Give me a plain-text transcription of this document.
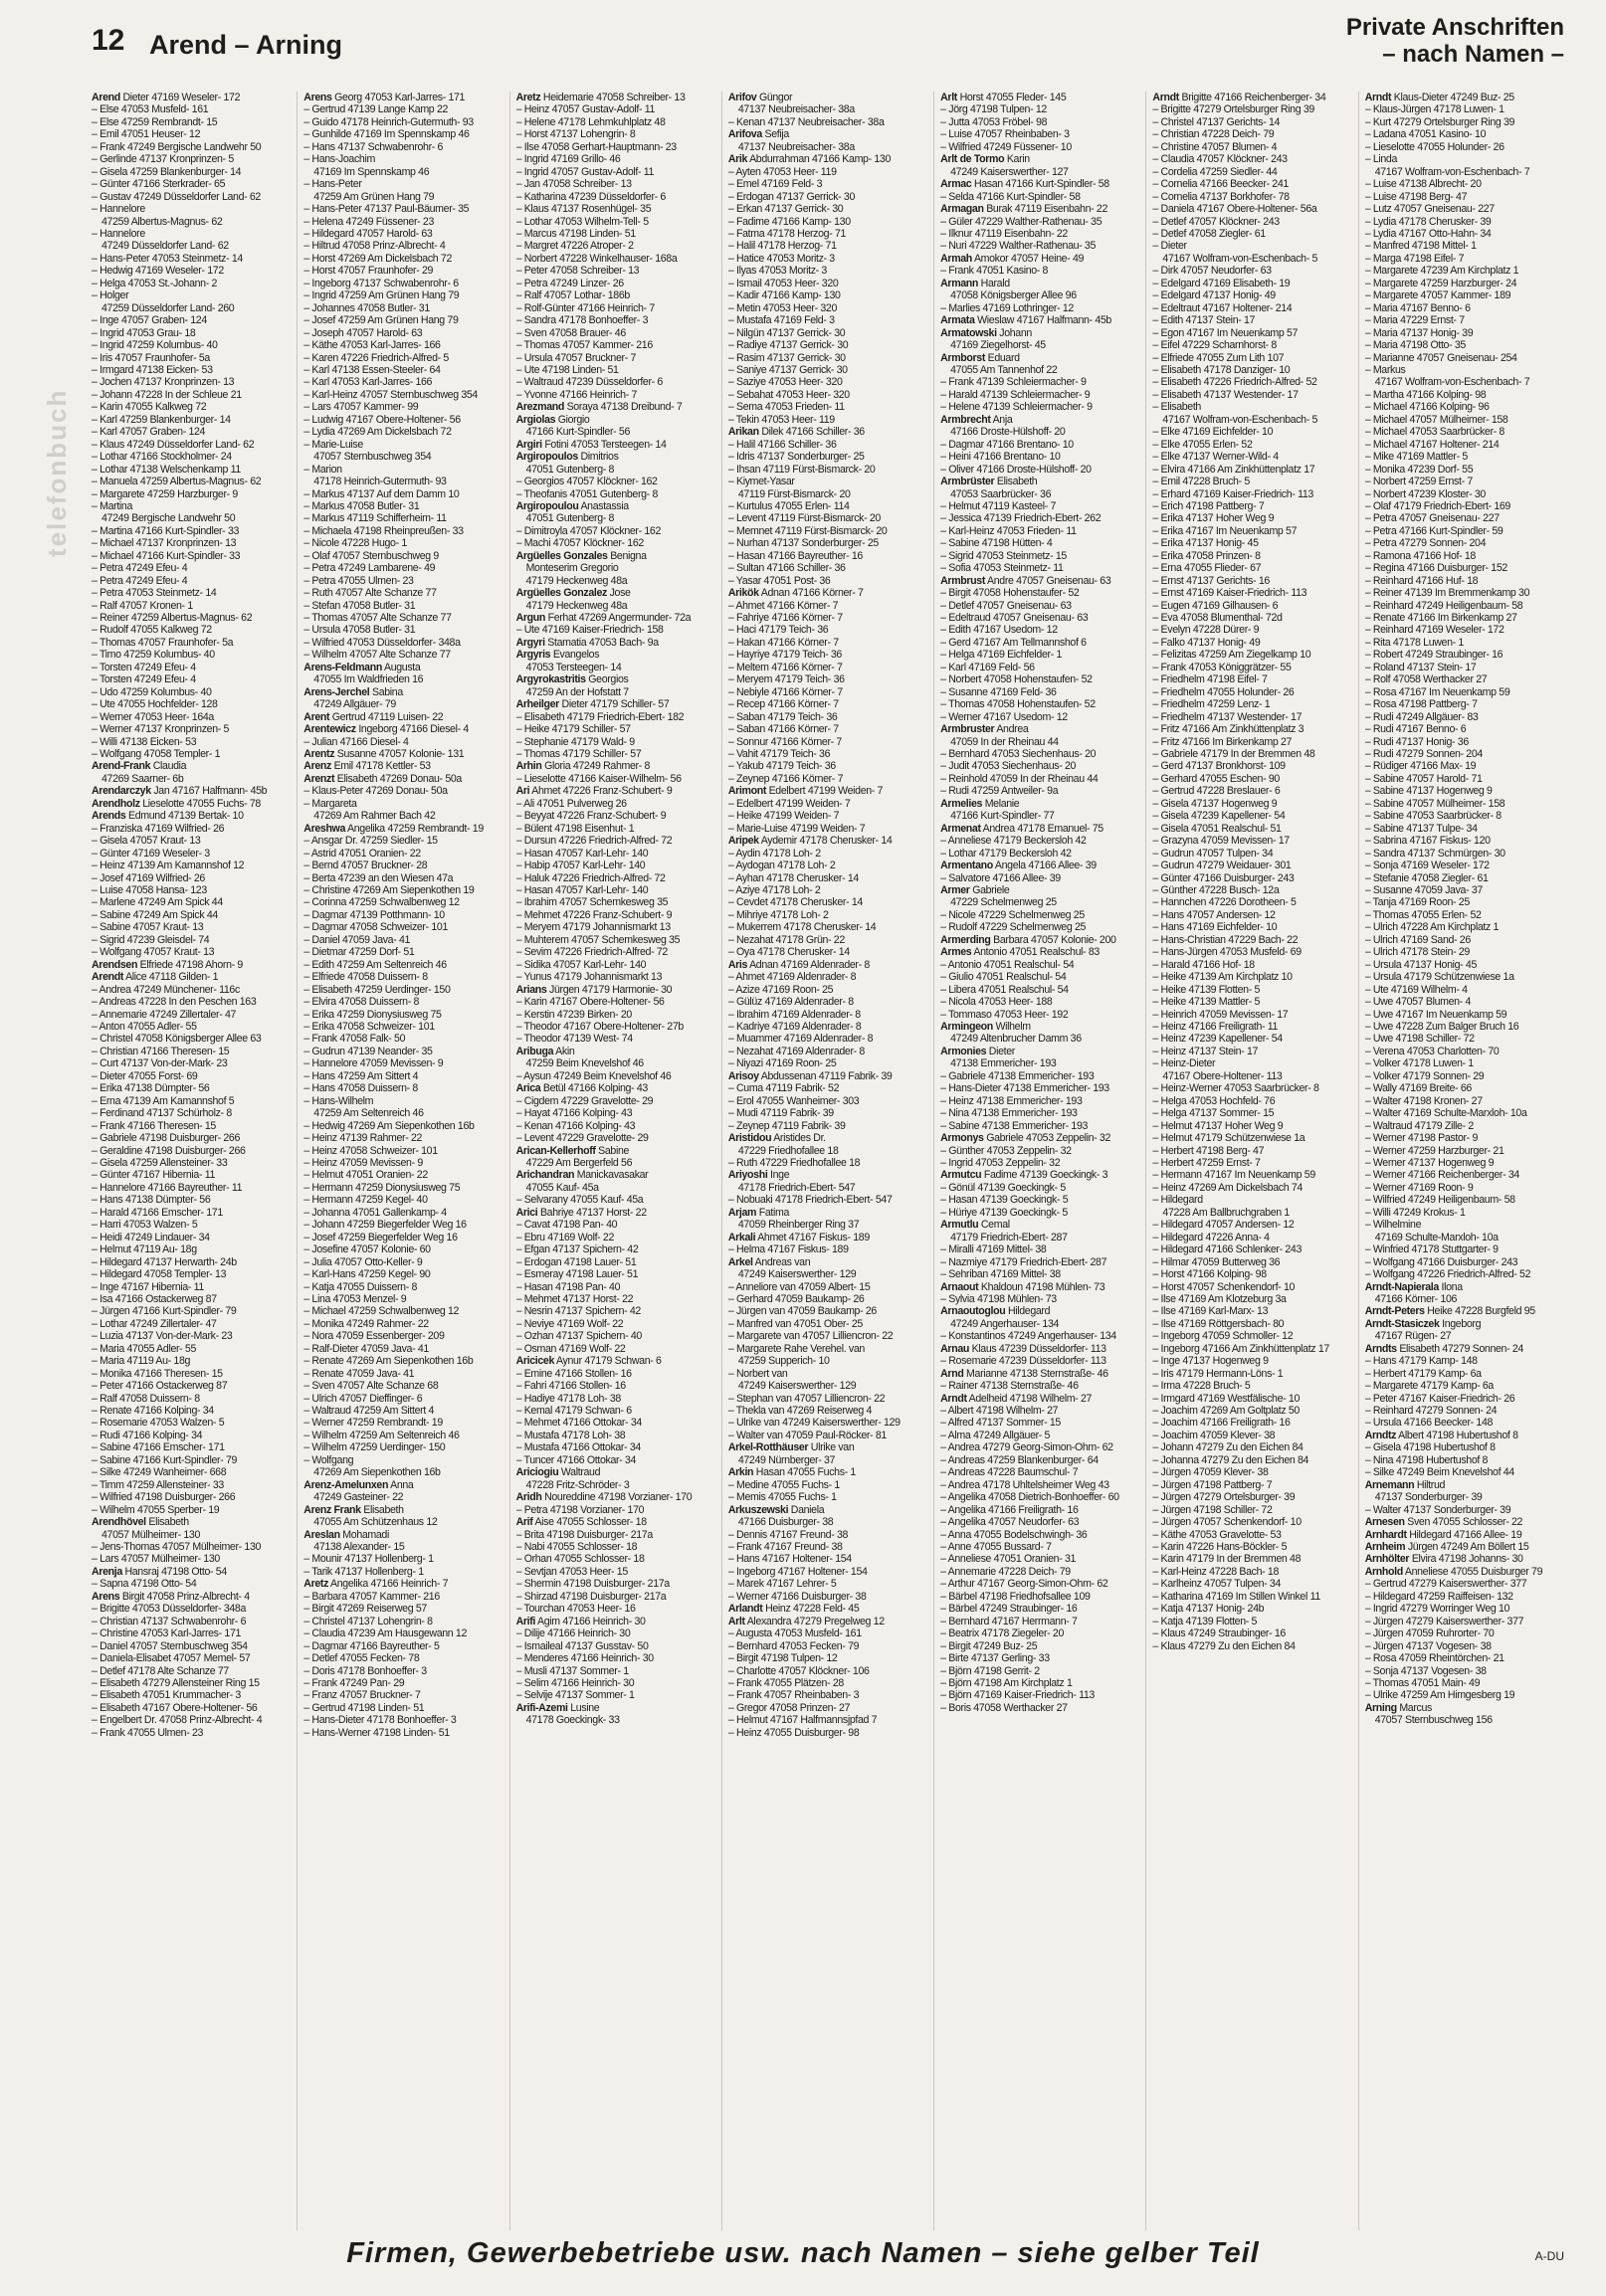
12 Arend – Arning
Private Anschriften
– nach Namen –
telefonbuch
Arend Dieter 47169 Weseler- 172
– Else 47053 Musfeld- 161
– Else 47259 Rembrandt- 15
– Emil 47051 Heuser- 12
– Frank 47249 Bergische Landwehr 50
– Gerlinde 47137 Kronprinzen- 5
– Gisela 47259 Blankenburger- 14
– Günter 47166 Sterkrader- 65
– Gustav 47249 Düsseldorfer Land- 62
– Hannelore
47259 Albertus-Magnus- 62
– Hannelore
47249 Düsseldorfer Land- 62
– Hans-Peter 47053 Steinmetz- 14
– Hedwig 47169 Weseler- 172
– Helga 47053 St.-Johann- 2
– Holger
47259 Düsseldorfer Land- 260
– Inge 47057 Graben- 124
– Ingrid 47053 Grau- 18
– Ingrid 47259 Kolumbus- 40
– Iris 47057 Fraunhofer- 5a
– Irmgard 47138 Eicken- 53
– Jochen 47137 Kronprinzen- 13
– Johann 47228 In der Schleue 21
– Karin 47055 Kalkweg 72
– Karl 47259 Blankenburger- 14
– Karl 47057 Graben- 124
– Klaus 47249 Düsseldorfer Land- 62
– Lothar 47166 Stockholmer- 24
– Lothar 47138 Welschenkamp 11
– Manuela 47259 Albertus-Magnus- 62
– Margarete 47259 Harzburger- 9
– Martina
47249 Bergische Landwehr 50
– Martina 47166 Kurt-Spindler- 33
– Michael 47137 Kronprinzen- 13
– Michael 47166 Kurt-Spindler- 33
– Petra 47249 Efeu- 4
– Petra 47249 Efeu- 4
– Petra 47053 Steinmetz- 14
– Ralf 47057 Kronen- 1
– Reiner 47259 Albertus-Magnus- 62
– Rudolf 47055 Kalkweg 72
– Thomas 47057 Fraunhofer- 5a
– Timo 47259 Kolumbus- 40
– Torsten 47249 Efeu- 4
– Torsten 47249 Efeu- 4
– Udo 47259 Kolumbus- 40
– Ute 47055 Hochfelder- 128
– Werner 47053 Heer- 164a
– Werner 47137 Kronprinzen- 5
– Willi 47138 Eicken- 53
– Wolfgang 47058 Templer- 1
Arend-Frank Claudia
47269 Saarner- 6b
Arendarczyk Jan 47167 Halfmann- 45b
Arendholz Lieselotte 47055 Fuchs- 78
Arends Edmund 47139 Bertak- 10
– Franziska 47169 Wilfried- 26
– Gisela 47057 Kraut- 13
– Günter 47169 Weseler- 3
– Heinz 47139 Am Kamannshof 12
– Josef 47169 Wilfried- 26
– Luise 47058 Hansa- 123
– Marlene 47249 Am Spick 44
– Sabine 47249 Am Spick 44
– Sabine 47057 Kraut- 13
– Sigrid 47239 Gleisdel- 74
– Wolfgang 47057 Kraut- 13
Arendsen Elfriede 47198 Ahorn- 9
Arendt Alice 47118 Gilden- 1
– Andrea 47249 Münchener- 116c
– Andreas 47228 In den Peschen 163
– Annemarie 47249 Zillertaler- 47
– Anton 47055 Adler- 55
– Christel 47058 Königsberger Allee 63
– Christian 47166 Theresen- 15
– Curt 47137 Von-der-Mark- 23
– Dieter 47055 Forst- 69
– Erika 47138 Dümpter- 56
– Erna 47139 Am Kamannshof 5
– Ferdinand 47137 Schürholz- 8
– Frank 47166 Theresen- 15
– Gabriele 47198 Duisburger- 266
– Geraldine 47198 Duisburger- 266
– Gisela 47259 Allensteiner- 33
– Günter 47167 Hibernia- 11
– Hannelore 47166 Bayreuther- 11
– Hans 47138 Dümpter- 56
– Harald 47166 Emscher- 171
– Harri 47053 Walzen- 5
– Heidi 47249 Lindauer- 34
– Helmut 47119 Au- 18g
– Hildegard 47137 Herwarth- 24b
– Hildegard 47058 Templer- 13
– Inge 47167 Hibernia- 11
– Isa 47166 Ostackerweg 87
– Jürgen 47166 Kurt-Spindler- 79
– Lothar 47249 Zillertaler- 47
– Luzia 47137 Von-der-Mark- 23
– Maria 47055 Adler- 55
– Maria 47119 Au- 18g
– Monika 47166 Theresen- 15
– Peter 47166 Ostackerweg 87
– Ralf 47058 Duissern- 8
– Renate 47166 Kolping- 34
– Rosemarie 47053 Walzen- 5
– Rudi 47166 Kolping- 34
– Sabine 47166 Emscher- 171
– Sabine 47166 Kurt-Spindler- 79
– Silke 47249 Wanheimer- 668
– Timm 47259 Allensteiner- 33
– Wilfried 47198 Duisburger- 266
– Wilhelm 47055 Sperber- 19
Arendhövel Elisabeth
47057 Mülheimer- 130
– Jens-Thomas 47057 Mülheimer- 130
– Lars 47057 Mülheimer- 130
Arenja Hansraj 47198 Otto- 54
– Sapna 47198 Otto- 54
Arens Birgit 47058 Prinz-Albrecht- 4
– Brigitte 47053 Düsseldorfer- 348a
– Christian 47137 Schwabenrohr- 6
– Christine 47053 Karl-Jarres- 171
– Daniel 47057 Sternbuschweg 354
– Daniela-Elisabet 47057 Memel- 57
– Detlef 47178 Alte Schanze 77
– Elisabeth 47279 Allensteiner Ring 15
– Elisabeth 47051 Krummacher- 3
– Elisabeth 47167 Obere-Holtener- 56
– Engelbert Dr. 47058 Prinz-Albrecht- 4
– Frank 47055 Ulmen- 23
Arens Georg 47053 Karl-Jarres- 171
– Gertrud 47139 Lange Kamp 22
– Guido 47178 Heinrich-Gutermuth- 93
– Gunhilde 47169 Im Spennskamp 46
– Hans 47137 Schwabenrohr- 6
– Hans-Joachim
47169 Im Spennskamp 46
– Hans-Peter
47259 Am Grünen Hang 79
– Hans-Peter 47137 Paul-Bäumer- 35
– Helena 47249 Füssener- 23
– Hildegard 47057 Harold- 63
– Hiltrud 47058 Prinz-Albrecht- 4
– Horst 47269 Am Dickelsbach 72
– Horst 47057 Fraunhofer- 29
– Ingeborg 47137 Schwabenrohr- 6
– Ingrid 47259 Am Grünen Hang 79
– Johannes 47058 Butler- 31
– Josef 47259 Am Grünen Hang 79
– Joseph 47057 Harold- 63
– Käthe 47053 Karl-Jarres- 166
– Karen 47226 Friedrich-Alfred- 5
– Karl 47138 Essen-Steeler- 64
– Karl 47053 Karl-Jarres- 166
– Karl-Heinz 47057 Sternbuschweg 354
– Lars 47057 Kammer- 99
– Ludwig 47167 Obere-Holtener- 56
– Lydia 47269 Am Dickelsbach 72
– Marie-Luise
47057 Sternbuschweg 354
– Marion
47178 Heinrich-Gutermuth- 93
– Markus 47137 Auf dem Damm 10
– Markus 47058 Butler- 31
– Markus 47119 Schifferheim- 11
– Michaela 47198 Rheinpreußen- 33
– Nicole 47228 Hugo- 1
– Olaf 47057 Sternbuschweg 9
– Petra 47249 Lambarene- 49
– Petra 47055 Ulmen- 23
– Ruth 47057 Alte Schanze 77
– Stefan 47058 Butler- 31
– Thomas 47057 Alte Schanze 77
– Ursula 47058 Butler- 31
– Wilfried 47053 Düsseldorfer- 348a
– Wilhelm 47057 Alte Schanze 77
Arens-Feldmann Augusta
47055 Im Waldfrieden 16
Arens-Jerchel Sabina
47249 Allgäuer- 79
Arent Gertrud 47119 Luisen- 22
Arentewicz Ingeborg 47166 Diesel- 4
– Julian 47166 Diesel- 4
Arentz Susanne 47057 Kolonie- 131
Arenz Emil 47178 Kettler- 53
Arenzt Elisabeth 47269 Donau- 50a
– Klaus-Peter 47269 Donau- 50a
– Margareta
47269 Am Rahmer Bach 42
Areshwa Angelika 47259 Rembrandt- 19
– Ansgar Dr. 47259 Siedler- 15
– Astrid 47051 Oranien- 22
– Bernd 47057 Bruckner- 28
– Berta 47239 an den Wiesen 47a
– Christine 47269 Am Siepenkothen 19
– Corinna 47259 Schwalbenweg 12
– Dagmar 47139 Potthmann- 10
– Dagmar 47058 Schweizer- 101
– Daniel 47059 Java- 41
– Dietmar 47259 Dorf- 51
– Edith 47259 Am Seltenreich 46
– Elfriede 47058 Duissern- 8
– Elisabeth 47259 Uerdinger- 150
– Elvira 47058 Duissern- 8
– Erika 47259 Dionysiusweg 75
– Erika 47058 Schweizer- 101
– Frank 47058 Falk- 50
– Gudrun 47139 Neander- 35
– Hannelore 47059 Mevissen- 9
– Hans 47259 Am Sittert 4
– Hans 47058 Duissern- 8
– Hans-Wilhelm
47259 Am Seltenreich 46
– Hedwig 47269 Am Siepenkothen 16b
– Heinz 47139 Rahmer- 22
– Heinz 47058 Schweizer- 101
– Heinz 47059 Mevissen- 9
– Helmut 47051 Oranien- 22
– Hermann 47259 Dionysiusweg 75
– Hermann 47259 Kegel- 40
– Johanna 47051 Gallenkamp- 4
– Johann 47259 Biegerfelder Weg 16
– Josef 47259 Biegerfelder Weg 16
– Josefine 47057 Kolonie- 60
– Julia 47057 Otto-Keller- 9
– Karl-Hans 47259 Kegel- 90
– Katja 47055 Duissern- 8
– Lina 47053 Menzel- 9
– Michael 47259 Schwalbenweg 12
– Monika 47249 Rahmer- 22
– Nora 47059 Essenberger- 209
– Ralf-Dieter 47059 Java- 41
– Renate 47269 Am Siepenkothen 16b
– Renate 47059 Java- 41
– Sven 47057 Alte Schanze 68
– Ulrich 47057 Dieffinger- 6
– Waltraud 47259 Am Sittert 4
– Werner 47259 Rembrandt- 19
– Wilhelm 47259 Am Seltenreich 46
– Wilhelm 47259 Uerdinger- 150
– Wolfgang
47269 Am Siepenkothen 16b
Arenz-Amelunxen Anna
47249 Gasteiner- 22
Arenz Frank Elisabeth
47055 Am Schützenhaus 12
Areslan Mohamadi
47138 Alexander- 15
– Mounir 47137 Hollenberg- 1
– Tarik 47137 Hollenberg- 1
Aretz Angelika 47166 Heinrich- 7
– Barbara 47057 Kammer- 216
– Birgit 47269 Reiserweg 57
– Christel 47137 Lohengrin- 8
– Claudia 47239 Am Hausgewann 12
– Dagmar 47166 Bayreuther- 5
– Detlef 47055 Fecken- 78
– Doris 47178 Bonhoeffer- 3
– Frank 47249 Pan- 29
– Franz 47057 Bruckner- 7
– Gertrud 47198 Linden- 51
– Hans-Dieter 47178 Bonhoeffer- 3
– Hans-Werner 47198 Linden- 51
Aretz Heidemarie 47058 Schreiber- 13
– Heinz 47057 Gustav-Adolf- 11
– Helene 47178 Lehmkuhlplatz 48
– Horst 47137 Lohengrin- 8
– Ilse 47058 Gerhart-Hauptmann- 23
– Ingrid 47169 Grillo- 46
– Ingrid 47057 Gustav-Adolf- 11
– Jan 47058 Schreiber- 13
– Katharina 47239 Düsseldorfer- 6
– Klaus 47137 Rosenhügel- 35
– Lothar 47053 Wilhelm-Tell- 5
– Marcus 47198 Linden- 51
– Margret 47226 Atroper- 2
– Norbert 47228 Winkelhauser- 168a
– Peter 47058 Schreiber- 13
– Petra 47249 Linzer- 26
– Ralf 47057 Lothar- 186b
– Rolf-Günter 47166 Heinrich- 7
– Sandra 47178 Bonhoeffer- 3
– Sven 47058 Brauer- 46
– Thomas 47057 Kammer- 216
– Ursula 47057 Bruckner- 7
– Ute 47198 Linden- 51
– Waltraud 47239 Düsseldorfer- 6
– Yvonne 47166 Heinrich- 7
Arezmand Soraya 47138 Dreibund- 7
Argiolas Giorgio
47166 Kurt-Spindler- 56
Argiri Fotini 47053 Tersteegen- 14
Argiropoulos Dimitrios
47051 Gutenberg- 8
– Georgios 47057 Klöckner- 162
– Theofanis 47051 Gutenberg- 8
Argiropoulou Anastassia
47051 Gutenberg- 8
– Dimitroyla 47057 Klöckner- 162
– Machi 47057 Klöckner- 162
Argüelles Gonzales Benigna
Monteserim Gregorio
47179 Heckenweg 48a
Argüelles Gonzalez Jose
47179 Heckenweg 48a
Argun Ferhat 47269 Angermunder- 72a
– Ute 47169 Kaiser-Friedrich- 158
Argyri Stamatia 47053 Bach- 9a
Argyris Evangelos
47053 Tersteegen- 14
Argyrokastritis Georgios
47259 An der Hofstatt 7
Arheilger Dieter 47179 Schiller- 57
– Elisabeth 47179 Friedrich-Ebert- 182
– Heike 47179 Schiller- 57
– Stephanie 47179 Wald- 9
– Thomas 47179 Schiller- 57
Arhin Gloria 47249 Rahmer- 8
– Lieselotte 47166 Kaiser-Wilhelm- 56
Ari Ahmet 47226 Franz-Schubert- 9
– Ali 47051 Pulverweg 26
– Beyyat 47226 Franz-Schubert- 9
– Bülent 47198 Eisenhut- 1
– Dursun 47226 Friedrich-Alfred- 72
– Hasan 47057 Karl-Lehr- 140
– Habip 47057 Karl-Lehr- 140
– Haluk 47226 Friedrich-Alfred- 72
– Hasan 47057 Karl-Lehr- 140
– Ibrahim 47057 Schemkesweg 35
– Mehmet 47226 Franz-Schubert- 9
– Meryem 47179 Johannismarkt 13
– Muhterem 47057 Schemkesweg 35
– Sevim 47226 Friedrich-Alfred- 72
– Sidika 47057 Karl-Lehr- 140
– Yunus 47179 Johannismarkt 13
Arians Jürgen 47179 Harmonie- 30
– Karin 47167 Obere-Holtener- 56
– Kerstin 47239 Birken- 20
– Theodor 47167 Obere-Holtener- 27b
– Theodor 47139 West- 74
Aribuga Akin
47259 Beim Knevelshof 46
– Aysun 47249 Beim Knevelshof 46
Arica Betül 47166 Kolping- 43
– Cigdem 47229 Gravelotte- 29
– Hayat 47166 Kolping- 43
– Kenan 47166 Kolping- 43
– Levent 47229 Gravelotte- 29
Arican-Kellerhoff Sabine
47229 Am Bergerfeld 56
Arichandran Manickavasakar
47055 Kauf- 45a
– Selvarany 47055 Kauf- 45a
Arici Bahriye 47137 Horst- 22
– Cavat 47198 Pan- 40
– Ebru 47169 Wolf- 22
– Efgan 47137 Spichern- 42
– Erdogan 47198 Lauer- 51
– Esmeray 47198 Lauer- 51
– Hasan 47198 Pan- 40
– Mehmet 47137 Horst- 22
– Nesrin 47137 Spichern- 42
– Neviye 47169 Wolf- 22
– Ozhan 47137 Spichern- 40
– Osman 47169 Wolf- 22
Aricicek Aynur 47179 Schwan- 6
– Emine 47166 Stollen- 16
– Fahri 47166 Stollen- 16
– Hadiye 47178 Loh- 38
– Kemal 47179 Schwan- 6
– Mehmet 47166 Ottokar- 34
– Mustafa 47178 Loh- 38
– Mustafa 47166 Ottokar- 34
– Tuncer 47166 Ottokar- 34
Ariciogiu Waltraud
47228 Fritz-Schröder- 3
Aridh Noureddine 47198 Vorzianer- 170
– Petra 47198 Vorzianer- 170
Arif Aise 47055 Schlosser- 18
– Brita 47198 Duisburger- 217a
– Nabi 47055 Schlosser- 18
– Orhan 47055 Schlosser- 18
– Sevtjan 47053 Heer- 15
– Shermin 47198 Duisburger- 217a
– Shirzad 47198 Duisburger- 217a
– Tourchan 47053 Heer- 16
Arifi Agim 47166 Heinrich- 30
– Dilije 47166 Heinrich- 30
– Ismaileal 47137 Gusstav- 50
– Menderes 47166 Heinrich- 30
– Musli 47137 Sommer- 1
– Selim 47166 Heinrich- 30
– Selvije 47137 Sommer- 1
Arifi-Azemi Lusine
47178 Goeckingk- 33
Arifov Güngor
47137 Neubreisacher- 38a
– Kenan 47137 Neubreisacher- 38a
Arifova Sefija
47137 Neubreisacher- 38a
Arik Abdurrahman 47166 Kamp- 130
– Ayten 47053 Heer- 119
– Emel 47169 Feld- 3
– Erdogan 47137 Gerrick- 30
– Erkan 47137 Gerrick- 30
– Fadime 47166 Kamp- 130
– Fatma 47178 Herzog- 71
– Halil 47178 Herzog- 71
– Hatice 47053 Moritz- 3
– Ilyas 47053 Moritz- 3
– Ismail 47053 Heer- 320
– Kadir 47166 Kamp- 130
– Metin 47053 Heer- 320
– Mustafa 47169 Feld- 3
– Nilgün 47137 Gerrick- 30
– Radiye 47137 Gerrick- 30
– Rasim 47137 Gerrick- 30
– Saniye 47137 Gerrick- 30
– Saziye 47053 Heer- 320
– Sebahat 47053 Heer- 320
– Sema 47053 Frieden- 11
– Tekin 47053 Heer- 119
Arikan Dilek 47166 Schiller- 36
– Halil 47166 Schiller- 36
– Idris 47137 Sonderburger- 25
– Ihsan 47119 Fürst-Bismarck- 20
– Kiymet-Yasar
47119 Fürst-Bismarck- 20
– Kurtulus 47055 Erlen- 114
– Levent 47119 Fürst-Bismarck- 20
– Memnet 47119 Fürst-Bismarck- 20
– Nurhan 47137 Sonderburger- 25
– Hasan 47166 Bayreuther- 16
– Sultan 47166 Schiller- 36
– Yasar 47051 Post- 36
Arikök Adnan 47166 Körner- 7
– Ahmet 47166 Körner- 7
– Fahriye 47166 Körner- 7
– Haci 47179 Teich- 36
– Hakan 47166 Körner- 7
– Hayriye 47179 Teich- 36
– Meltem 47166 Körner- 7
– Meryem 47179 Teich- 36
– Nebiyle 47166 Körner- 7
– Recep 47166 Körner- 7
– Saban 47179 Teich- 36
– Saban 47166 Körner- 7
– Sonnur 47166 Körner- 7
– Vahit 47179 Teich- 36
– Yakub 47179 Teich- 36
– Zeynep 47166 Körner- 7
Arimont Edelbert 47199 Weiden- 7
– Edelbert 47199 Weiden- 7
– Heike 47199 Weiden- 7
– Marie-Luise 47199 Weiden- 7
Aripek Aydemir 47178 Cherusker- 14
– Aydin 47178 Loh- 2
– Aydogan 47178 Loh- 2
– Ayhan 47178 Cherusker- 14
– Aziye 47178 Loh- 2
– Cevdet 47178 Cherusker- 14
– Mihriye 47178 Loh- 2
– Mukerrem 47178 Cherusker- 14
– Nezahat 47178 Grün- 22
– Oya 47178 Cherusker- 14
Aris Adnan 47169 Aldenrader- 8
– Ahmet 47169 Aldenrader- 8
– Azize 47169 Roon- 25
– Gülüz 47169 Aldenrader- 8
– Ibrahim 47169 Aldenrader- 8
– Kadriye 47169 Aldenrader- 8
– Muammer 47169 Aldenrader- 8
– Nezahat 47169 Aldenrader- 8
– Niyazi 47169 Roon- 25
Arisoy Abdussenan 47119 Fabrik- 39
– Cuma 47119 Fabrik- 52
– Erol 47055 Wanheimer- 303
– Mudi 47119 Fabrik- 39
– Zeynep 47119 Fabrik- 39
Aristidou Aristides Dr.
47229 Friedhofallee 18
– Ruth 47229 Friedhofallee 18
Ariyoshi Inge
47178 Friedrich-Ebert- 547
– Nobuaki 47178 Friedrich-Ebert- 547
Arjam Fatima
47059 Rheinberger Ring 37
Arkali Ahmet 47167 Fiskus- 189
– Helma 47167 Fiskus- 189
Arkel Andreas van
47249 Kaiserswerther- 129
– Anneliore van 47059 Albert- 15
– Gerhard 47059 Baukamp- 26
– Jürgen van 47059 Baukamp- 26
– Manfred van 47051 Ober- 25
– Margarete van 47057 Lilliencron- 22
– Margarete Rahe Verehel. van
47259 Supperich- 10
– Norbert van
47249 Kaiserswerther- 129
– Stephan van 47057 Lilliencron- 22
– Thekla van 47269 Reiserweg 4
– Ulrike van 47249 Kaiserswerther- 129
– Walter van 47059 Paul-Röcker- 81
Arkel-Rotthäuser Ulrike van
47249 Nürnberger- 37
Arkin Hasan 47055 Fuchs- 1
– Medine 47055 Fuchs- 1
– Memis 47055 Fuchs- 1
Arkuszewski Daniela
47166 Duisburger- 38
– Dennis 47167 Freund- 38
– Frank 47167 Freund- 38
– Hans 47167 Holtener- 154
– Ingeborg 47167 Holtener- 154
– Marek 47167 Lehrer- 5
– Werner 47166 Duisburger- 38
Arlandt Heinz 47228 Feld- 45
Arlt Alexandra 47279 Pregelweg 12
– Augusta 47053 Musfeld- 161
– Bernhard 47053 Fecken- 79
– Birgit 47198 Tulpen- 12
– Charlotte 47057 Klöckner- 106
– Frank 47055 Plätzen- 28
– Frank 47057 Rheinbaben- 3
– Gregor 47058 Prinzen- 27
– Helmut 47167 Halfmannsjpfad 7
– Heinz 47055 Duisburger- 98
Arlt Horst 47055 Fleder- 145
– Jörg 47198 Tulpen- 12
– Jutta 47053 Fröbel- 98
– Luise 47057 Rheinbaben- 3
– Wilfried 47249 Füssener- 10
Arlt de Tormo Karin
47249 Kaiserswerther- 127
Armac Hasan 47166 Kurt-Spindler- 58
– Selda 47166 Kurt-Spindler- 58
Armagan Burak 47119 Eisenbahn- 22
– Güler 47229 Walther-Rathenau- 35
– Ilknur 47119 Eisenbahn- 22
– Nuri 47229 Walther-Rathenau- 35
Armah Amokor 47057 Heine- 49
– Frank 47051 Kasino- 8
Armann Harald
47058 Königsberger Allee 96
– Marlies 47169 Lothringer- 12
Armata Wieslaw 47167 Halfmann- 45b
Armatowski Johann
47169 Ziegelhorst- 45
Armborst Eduard
47055 Am Tannenhof 22
– Frank 47139 Schleiermacher- 9
– Harald 47139 Schleiermacher- 9
– Helene 47139 Schleiermacher- 9
Armbrecht Anja
47166 Droste-Hülshoff- 20
– Dagmar 47166 Brentano- 10
– Heini 47166 Brentano- 10
– Oliver 47166 Droste-Hülshoff- 20
Armbrüster Elisabeth
47053 Saarbrücker- 36
– Helmut 47119 Kasteel- 7
– Jessica 47139 Friedrich-Ebert- 262
– Karl-Heinz 47053 Frieden- 11
– Sabine 47198 Hütten- 4
– Sigrid 47053 Steinmetz- 15
– Sofia 47053 Steinmetz- 11
Armbrust Andre 47057 Gneisenau- 63
– Birgit 47058 Hohenstaufer- 52
– Detlef 47057 Gneisenau- 63
– Edeltraud 47057 Gneisenau- 63
– Edith 47167 Usedom- 12
– Gerd 47167 Am Tellmannshof 6
– Helga 47169 Eichfelder- 1
– Karl 47169 Feld- 56
– Norbert 47058 Hohenstaufen- 52
– Susanne 47169 Feld- 36
– Thomas 47058 Hohenstaufen- 52
– Werner 47167 Usedom- 12
Armbruster Andrea
47059 In der Rheinau 44
– Bernhard 47053 Siechenhaus- 20
– Judit 47053 Siechenhaus- 20
– Reinhold 47059 In der Rheinau 44
– Rudi 47259 Antweiler- 9a
Armelies Melanie
47166 Kurt-Spindler- 77
Armenat Andrea 47178 Emanuel- 75
– Anneliese 47179 Beckersloh 42
– Lothar 47179 Beckersloh 42
Armentano Angela 47166 Allee- 39
– Salvatore 47166 Allee- 39
Armer Gabriele
47229 Schelmenweg 25
– Nicole 47229 Schelmenweg 25
– Rudolf 47229 Schelmenweg 25
Armerding Barbara 47057 Kolonie- 200
Armes Antonio 47051 Realschul- 83
– Antonio 47051 Realschul- 54
– Giulio 47051 Realschul- 54
– Libera 47051 Realschul- 54
– Nicola 47053 Heer- 188
– Tommaso 47053 Heer- 192
Armingeon Wilhelm
47249 Altenbrucher Damm 36
Armonies Dieter
47138 Emmericher- 193
– Gabriele 47138 Emmericher- 193
– Hans-Dieter 47138 Emmericher- 193
– Heinz 47138 Emmericher- 193
– Nina 47138 Emmericher- 193
– Sabine 47138 Emmericher- 193
Armonys Gabriele 47053 Zeppelin- 32
– Günther 47053 Zeppelin- 32
– Ingrid 47053 Zeppelin- 32
Armutcu Fadime 47139 Goeckingk- 3
– Gönül 47139 Goeckingk- 5
– Hasan 47139 Goeckingk- 5
– Hüriye 47139 Goeckingk- 5
Armutlu Cemal
47179 Friedrich-Ebert- 287
– Miralli 47169 Mittel- 38
– Nazmiye 47179 Friedrich-Ebert- 287
– Sehriban 47169 Mittel- 38
Arnaout Khaldoun 47198 Mühlen- 73
– Sylvia 47198 Mühlen- 73
Arnaoutoglou Hildegard
47249 Angerhauser- 134
– Konstantinos 47249 Angerhauser- 134
Arnau Klaus 47239 Düsseldorfer- 113
– Rosemarie 47239 Düsseldorfer- 113
Arnd Marianne 47138 Sternstraße- 46
– Rainer 47138 Sternstraße- 46
Arndt Adelheid 47198 Wilhelm- 27
– Albert 47198 Wilhelm- 27
– Alfred 47137 Sommer- 15
– Alma 47249 Allgäuer- 5
– Andrea 47279 Georg-Simon-Ohm- 62
– Andreas 47259 Blankenburger- 64
– Andreas 47228 Baumschul- 7
– Andrea 47178 Uhltelsheimer Weg 43
– Angelika 47058 Dietrich-Bonhoeffer- 60
– Angelika 47166 Freiligrath- 16
– Angelika 47057 Neudorfer- 63
– Anna 47055 Bodelschwingh- 36
– Anne 47055 Bussard- 7
– Anneliese 47051 Oranien- 31
– Annemarie 47228 Deich- 79
– Arthur 47167 Georg-Simon-Ohm- 62
– Bärbel 47198 Friedhofsallee 109
– Bärbel 47249 Straubinger- 16
– Bernhard 47167 Herrmann- 7
– Beatrix 47178 Ziegeler- 20
– Birgit 47249 Buz- 25
– Birte 47137 Gerling- 33
– Björn 47198 Gerrit- 2
– Björn 47198 Am Kirchplatz 1
– Björn 47169 Kaiser-Friedrich- 113
– Boris 47058 Werthacker 27
Arndt Brigitte 47166 Reichenberger- 34
– Brigitte 47279 Ortelsburger Ring 39
– Christel 47137 Gerichts- 14
– Christian 47228 Deich- 79
– Christine 47057 Blumen- 4
– Claudia 47057 Klöckner- 243
– Cordelia 47259 Siedler- 44
– Cornelia 47166 Beecker- 241
– Cornelia 47137 Borkhofer- 78
– Daniela 47167 Obere-Holtener- 56a
– Detlef 47057 Klöckner- 243
– Detlef 47058 Ziegler- 61
– Dieter
47167 Wolfram-von-Eschenbach- 5
– Dirk 47057 Neudorfer- 63
– Edelgard 47169 Elisabeth- 19
– Edelgard 47137 Honig- 49
– Edeltraut 47167 Holtener- 214
– Edith 47137 Stein- 17
– Egon 47167 Im Neuenkamp 57
– Eifel 47229 Scharnhorst- 8
– Elfriede 47055 Zum Lith 107
– Elisabeth 47178 Danziger- 10
– Elisabeth 47226 Friedrich-Alfred- 52
– Elisabeth 47137 Westender- 17
– Elisabeth
47167 Wolfram-von-Eschenbach- 5
– Elke 47169 Eichfelder- 10
– Elke 47055 Erlen- 52
– Elke 47137 Werner-Wild- 4
– Elvira 47166 Am Zinkhüttenplatz 17
– Emil 47228 Bruch- 5
– Erhard 47169 Kaiser-Friedrich- 113
– Erich 47198 Pattberg- 7
– Erika 47137 Hoher Weg 9
– Erika 47167 Im Neuenkamp 57
– Erika 47137 Honig- 45
– Erika 47058 Prinzen- 8
– Erna 47055 Flieder- 67
– Ernst 47137 Gerichts- 16
– Ernst 47169 Kaiser-Friedrich- 113
– Eugen 47169 Gilhausen- 6
– Eva 47058 Blumenthal- 72d
– Evelyn 47228 Dürer- 9
– Falko 47137 Honig- 49
– Felizitas 47259 Am Ziegelkamp 10
– Frank 47053 Königgrätzer- 55
– Friedhelm 47198 Eifel- 7
– Friedhelm 47055 Holunder- 26
– Friedhelm 47259 Lenz- 1
– Friedhelm 47137 Westender- 17
– Fritz 47166 Am Zinkhüttenplatz 3
– Fritz 47166 Im Birkenkamp 27
– Gabriele 47179 In der Bremmen 48
– Gerd 47137 Bronkhorst- 109
– Gerhard 47055 Eschen- 90
– Gertrud 47228 Breslauer- 6
– Gisela 47137 Hogenweg 9
– Gisela 47239 Kapellener- 54
– Gisela 47051 Realschul- 51
– Grazyna 47059 Mevissen- 17
– Gudrun 47057 Tulpen- 34
– Gudrun 47279 Weidauer- 301
– Günter 47166 Duisburger- 243
– Günther 47228 Busch- 12a
– Hannchen 47226 Dorotheen- 5
– Hans 47057 Andersen- 12
– Hans 47169 Eichfelder- 10
– Hans-Christian 47229 Bach- 22
– Hans-Jürgen 47053 Musfeld- 69
– Harald 47166 Hof- 18
– Heike 47139 Am Kirchplatz 10
– Heike 47139 Flotten- 5
– Heike 47139 Mattler- 5
– Heinrich 47059 Mevissen- 17
– Heinz 47166 Freiligrath- 11
– Heinz 47239 Kapellener- 54
– Heinz 47137 Stein- 17
– Heinz-Dieter
47167 Obere-Holtener- 113
– Heinz-Werner 47053 Saarbrücker- 8
– Helga 47053 Hochfeld- 76
– Helga 47137 Sommer- 15
– Helmut 47137 Hoher Weg 9
– Helmut 47179 Schützenwiese 1a
– Herbert 47198 Berg- 47
– Herbert 47259 Ernst- 7
– Hermann 47167 Im Neuenkamp 59
– Heinz 47269 Am Dickelsbach 74
– Hildegard
47228 Am Ballbruchgraben 1
– Hildegard 47057 Andersen- 12
– Hildegard 47226 Anna- 4
– Hildegard 47166 Schlenker- 243
– Hilmar 47059 Butterweg 36
– Horst 47166 Kolping- 98
– Horst 47057 Schenkendorf- 10
– Ilse 47169 Am Klotzeburg 3a
– Ilse 47169 Karl-Marx- 13
– Ilse 47169 Röttgersbach- 80
– Ingeborg 47059 Schmoller- 12
– Ingeborg 47166 Am Zinkhüttenplatz 17
– Inge 47137 Hogenweg 9
– Iris 47179 Hermann-Löns- 1
– Irma 47228 Bruch- 5
– Irmgard 47169 Westfälische- 10
– Joachim 47269 Am Goltplatz 50
– Joachim 47166 Freiligrath- 16
– Joachim 47059 Klever- 38
– Johann 47279 Zu den Eichen 84
– Johanna 47279 Zu den Eichen 84
– Jürgen 47059 Klever- 38
– Jürgen 47198 Pattberg- 7
– Jürgen 47279 Ortelsburger- 39
– Jürgen 47198 Schiller- 72
– Jürgen 47057 Schenkendorf- 10
– Käthe 47053 Gravelotte- 53
– Karin 47226 Hans-Böckler- 5
– Karin 47179 In der Bremmen 48
– Karl-Heinz 47228 Bach- 18
– Karlheinz 47057 Tulpen- 34
– Katharina 47169 Im Stillen Winkel 11
– Katja 47137 Honig- 24b
– Katja 47139 Flotten- 5
– Klaus 47249 Straubinger- 16
– Klaus 47279 Zu den Eichen 84
Arndt Klaus-Dieter 47249 Buz- 25
– Klaus-Jürgen 47178 Luwen- 1
– Kurt 47279 Ortelsburger Ring 39
– Ladana 47051 Kasino- 10
– Lieselotte 47055 Holunder- 26
– Linda
47167 Wolfram-von-Eschenbach- 7
– Luise 47138 Albrecht- 20
– Luise 47198 Berg- 47
– Lutz 47057 Gneisenau- 227
– Lydia 47178 Cherusker- 39
– Lydia 47167 Otto-Hahn- 34
– Manfred 47198 Mittel- 1
– Marga 47198 Eifel- 7
– Margarete 47239 Am Kirchplatz 1
– Margarete 47259 Harzburger- 24
– Margarete 47057 Kammer- 189
– Maria 47167 Benno- 6
– Maria 47229 Ernst- 7
– Maria 47137 Honig- 39
– Maria 47198 Otto- 35
– Marianne 47057 Gneisenau- 254
– Markus
47167 Wolfram-von-Eschenbach- 7
– Martha 47166 Kolping- 98
– Michael 47166 Kolping- 96
– Michael 47057 Mülheimer- 158
– Michael 47053 Saarbrücker- 8
– Michael 47167 Holtener- 214
– Mike 47169 Mattler- 5
– Monika 47239 Dorf- 55
– Norbert 47259 Ernst- 7
– Norbert 47239 Kloster- 30
– Olaf 47179 Friedrich-Ebert- 169
– Petra 47057 Gneisenau- 227
– Petra 47166 Kurt-Spindler- 59
– Petra 47279 Sonnen- 204
– Ramona 47166 Hof- 18
– Regina 47166 Duisburger- 152
– Reinhard 47166 Huf- 18
– Reiner 47139 Im Bremmenkamp 30
– Reinhard 47249 Heiligenbaum- 58
– Renate 47166 Im Birkenkamp 27
– Reinhard 47169 Weseler- 172
– Rita 47178 Luwen- 1
– Robert 47249 Straubinger- 16
– Roland 47137 Stein- 17
– Rolf 47058 Werthacker 27
– Rosa 47167 Im Neuenkamp 59
– Rosa 47198 Pattberg- 7
– Rudi 47249 Allgäuer- 83
– Rudi 47167 Benno- 6
– Rudi 47137 Honig- 36
– Rudi 47279 Sonnen- 204
– Rüdiger 47166 Max- 19
– Sabine 47057 Harold- 71
– Sabine 47137 Hogenweg 9
– Sabine 47057 Mülheimer- 158
– Sabine 47053 Saarbrücker- 8
– Sabine 47137 Tulpe- 34
– Sabrina 47167 Fiskus- 120
– Sandra 47137 Schmürgen- 30
– Sonja 47169 Weseler- 172
– Stefanie 47058 Ziegler- 61
– Susanne 47059 Java- 37
– Tanja 47169 Roon- 25
– Thomas 47055 Erlen- 52
– Ulrich 47228 Am Kirchplatz 1
– Ulrich 47169 Sand- 26
– Ulrich 47178 Stein- 29
– Ursula 47137 Honig- 45
– Ursula 47179 Schützenwiese 1a
– Ute 47169 Wilhelm- 4
– Uwe 47057 Blumen- 4
– Uwe 47167 Im Neuenkamp 59
– Uwe 47228 Zum Balger Bruch 16
– Uwe 47198 Schiller- 72
– Verena 47053 Charlotten- 70
– Volker 47178 Luwen- 1
– Volker 47179 Sonnen- 29
– Wally 47169 Breite- 66
– Walter 47198 Kronen- 27
– Walter 47169 Schulte-Marxloh- 10a
– Waltraud 47179 Zille- 2
– Werner 47198 Pastor- 9
– Werner 47259 Harzburger- 21
– Werner 47137 Hogenweg 9
– Werner 47166 Reichenberger- 34
– Werner 47169 Roon- 9
– Wilfried 47249 Heiligenbaum- 58
– Willi 47249 Krokus- 1
– Wilhelmine
47169 Schulte-Marxloh- 10a
– Winfried 47178 Stuttgarter- 9
– Wolfgang 47166 Duisburger- 243
– Wolfgang 47226 Friedrich-Alfred- 52
Arndt-Napierala Ilona
47166 Körner- 106
Arndt-Peters Heike 47228 Burgfeld 95
Arndt-Stasiczek Ingeborg
47167 Rügen- 27
Arndts Elisabeth 47279 Sonnen- 24
– Hans 47179 Kamp- 148
– Herbert 47179 Kamp- 6a
– Margarete 47179 Kamp- 6a
– Peter 47167 Kaiser-Friedrich- 26
– Reinhard 47279 Sonnen- 24
– Ursula 47166 Beecker- 148
Arndtz Albert 47198 Hubertushof 8
– Gisela 47198 Hubertushof 8
– Nina 47198 Hubertushof 8
– Silke 47249 Beim Knevelshof 44
Arnemann Hiltrud
47137 Sonderburger- 39
– Walter 47137 Sonderburger- 39
Arnesen Sven 47055 Schlosser- 22
Arnhardt Hildegard 47166 Allee- 19
Arnheim Jürgen 47249 Am Böllert 15
Arnhölter Elvira 47198 Johanns- 30
Arnhold Anneliese 47055 Duisburger 79
– Gertrud 47279 Kaiserswerther- 377
– Hildegard 47259 Raiffeisen- 132
– Ingrid 47279 Worringer Weg 10
– Jürgen 47279 Kaiserswerther- 377
– Jürgen 47059 Ruhrorter- 70
– Jürgen 47137 Vogesen- 38
– Rosa 47059 Rheintörchen- 21
– Sonja 47137 Vogesen- 38
– Thomas 47051 Main- 49
– Ulrike 47259 Am Himgesberg 19
Arning Marcus
47057 Sternbuschweg 156
Firmen, Gewerbebetriebe usw. nach Namen – siehe gelber Teil	A-DU
